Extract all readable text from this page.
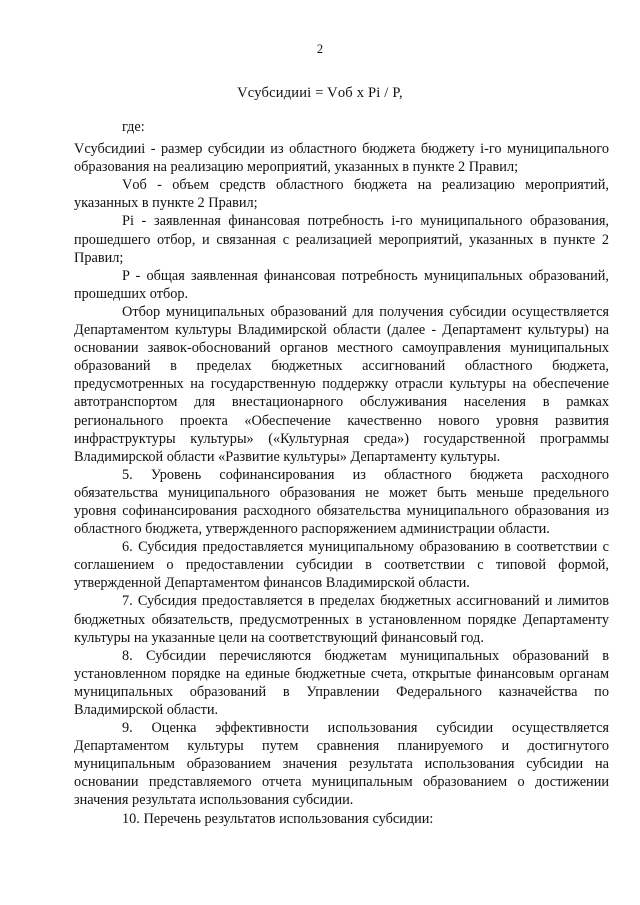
2
Vсубсидииi = Vоб x Pi / P,

где:

Vсубсидииi - размер субсидии из областного бюджета бюджету i-го муниципального образования на реализацию мероприятий, указанных в пункте 2 Правил;

Vоб - объем средств областного бюджета на реализацию мероприятий, указанных в пункте 2 Правил;

Pi - заявленная финансовая потребность i-го муниципального образования, прошедшего отбор, и связанная с реализацией мероприятий, указанных в пункте 2 Правил;

P - общая заявленная финансовая потребность муниципальных образований, прошедших отбор.

Отбор муниципальных образований для получения субсидии осуществляется Департаментом культуры Владимирской области (далее - Департамент культуры) на основании заявок-обоснований органов местного самоуправления муниципальных образований в пределах бюджетных ассигнований областного бюджета, предусмотренных на государственную поддержку отрасли культуры на обеспечение автотранспортом для внестационарного обслуживания населения в рамках регионального проекта «Обеспечение качественно нового уровня развития инфраструктуры культуры» («Культурная среда») государственной программы Владимирской области «Развитие культуры» Департаменту культуры.

5. Уровень софинансирования из областного бюджета расходного обязательства муниципального образования не может быть меньше предельного уровня софинансирования расходного обязательства муниципального образования из областного бюджета, утвержденного распоряжением администрации области.

6. Субсидия предоставляется муниципальному образованию в соответствии с соглашением о предоставлении субсидии в соответствии с типовой формой, утвержденной Департаментом финансов Владимирской области.

7. Субсидия предоставляется в пределах бюджетных ассигнований и лимитов бюджетных обязательств, предусмотренных в установленном порядке Департаменту культуры на указанные цели на соответствующий финансовый год.

8. Субсидии перечисляются бюджетам муниципальных образований в установленном порядке на единые бюджетные счета, открытые финансовым органам муниципальных образований в Управлении Федерального казначейства по Владимирской области.

9. Оценка эффективности использования субсидии осуществляется Департаментом культуры путем сравнения планируемого и достигнутого муниципальным образованием значения результата использования субсидии на основании представляемого отчета муниципальным образованием о достижении значения результата использования субсидии.

10. Перечень результатов использования субсидии:
